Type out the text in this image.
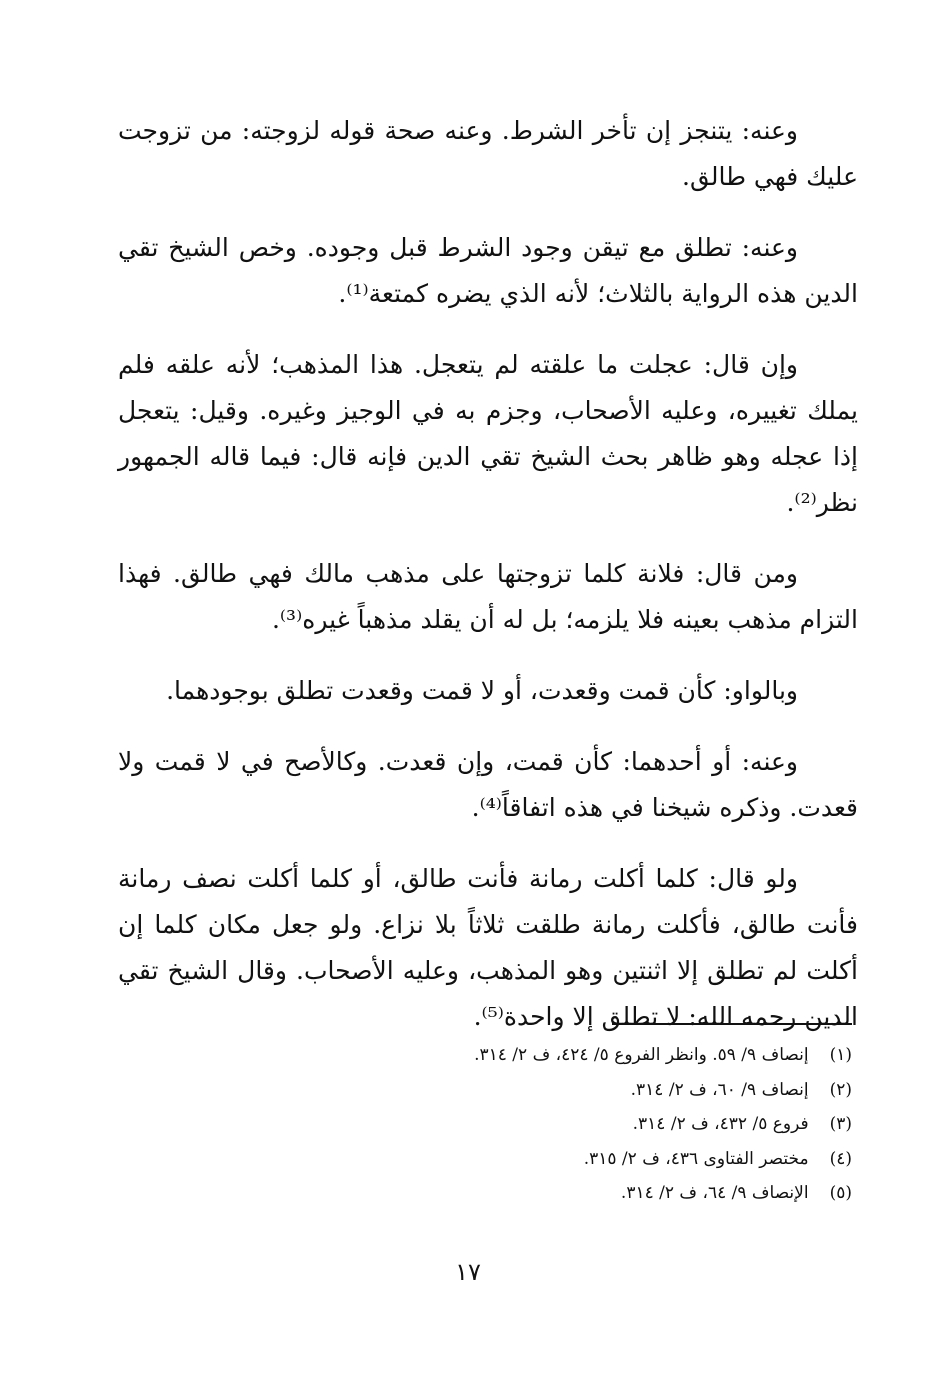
وعنه: يتنجز إن تأخر الشرط. وعنه صحة قوله لزوجته: من تزوجت عليك فهي طالق.

وعنه: تطلق مع تيقن وجود الشرط قبل وجوده. وخص الشيخ تقي الدين هذه الرواية بالثلاث؛ لأنه الذي يضره كمتعة⁽¹⁾.

وإن قال: عجلت ما علقته لم يتعجل. هذا المذهب؛ لأنه علقه فلم يملك تغييره، وعليه الأصحاب، وجزم به في الوجيز وغيره. وقيل: يتعجل إذا عجله وهو ظاهر بحث الشيخ تقي الدين فإنه قال: فيما قاله الجمهور نظر⁽²⁾.

ومن قال: فلانة كلما تزوجتها على مذهب مالك فهي طالق. فهذا التزام مذهب بعينه فلا يلزمه؛ بل له أن يقلد مذهباً غيره⁽³⁾.

وبالواو: كأن قمت وقعدت، أو لا قمت وقعدت تطلق بوجودهما.

وعنه: أو أحدهما: كأن قمت، وإن قعدت. وكالأصح في لا قمت ولا قعدت. وذكره شيخنا في هذه اتفاقاً⁽⁴⁾.

ولو قال: كلما أكلت رمانة فأنت طالق، أو كلما أكلت نصف رمانة فأنت طالق، فأكلت رمانة طلقت ثلاثاً بلا نزاع. ولو جعل مكان كلما إن أكلت لم تطلق إلا اثنتين وهو المذهب، وعليه الأصحاب. وقال الشيخ تقي الدين رحمه الله: لا تطلق إلا واحدة⁽⁵⁾.

(١) إنصاف ٩/ ٥٩. وانظر الفروع ٥/ ٤٢٤، ف ٢/ ٣١٤.
(٢) إنصاف ٩/ ٦٠، ف ٢/ ٣١٤.
(٣) فروع ٥/ ٤٣٢، ف ٢/ ٣١٤.
(٤) مختصر الفتاوى ٤٣٦، ف ٢/ ٣١٥.
(٥) الإنصاف ٩/ ٦٤، ف ٢/ ٣١٤.
١٧
